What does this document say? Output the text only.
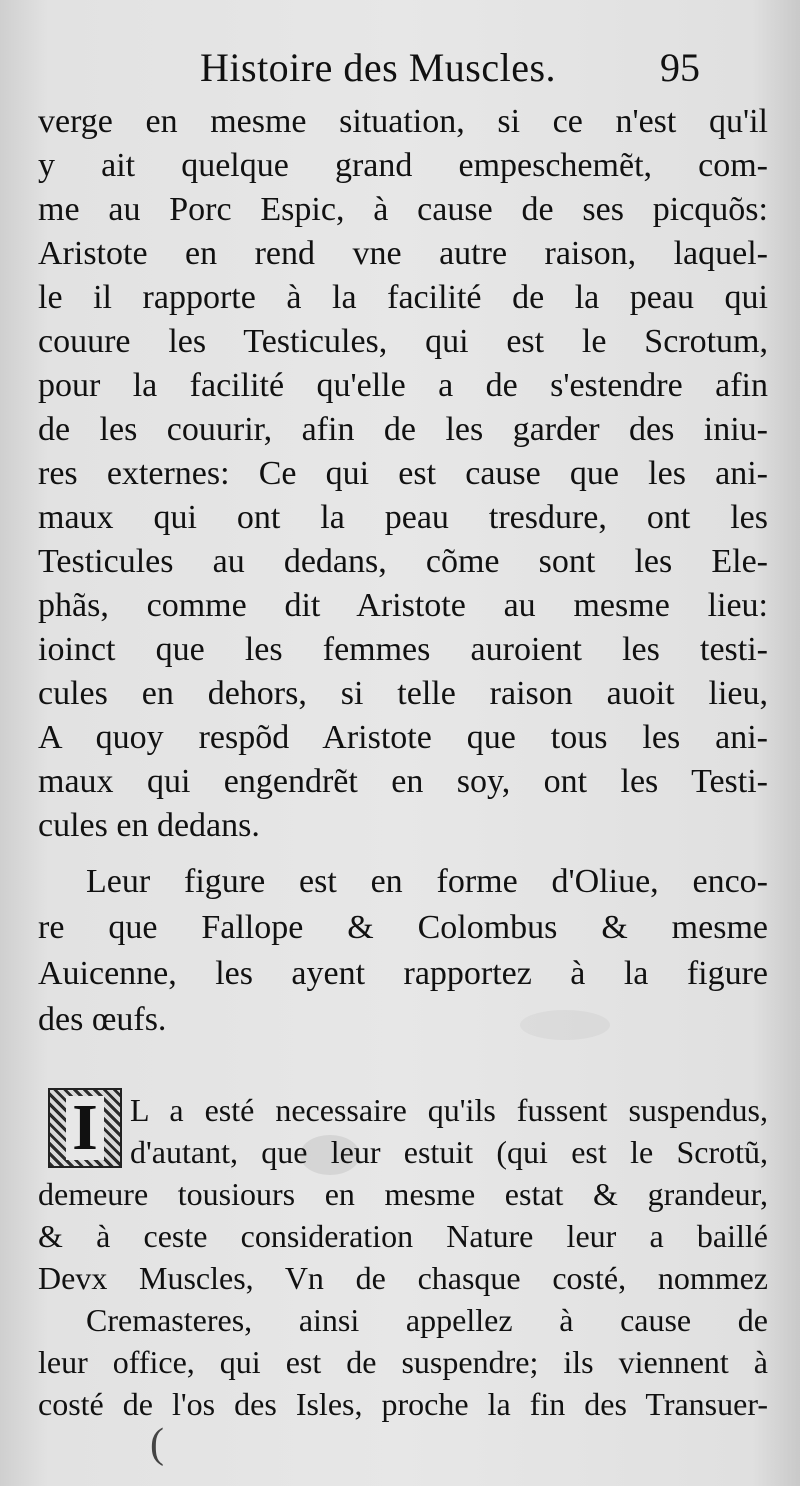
Histoire des Muscles.	95
verge en mesme situation, si ce n'est qu'il
y ait quelque grand empeschemẽt, com-
me au Porc Espic, à cause de ses picquõs:
Aristote en rend vne autre raison, laquel-
le il rapporte à la facilité de la peau qui
couure les Testicules, qui est le Scrotum,
pour la facilité qu'elle a de s'estendre afin
de les couurir, afin de les garder des iniu-
res externes: Ce qui est cause que les ani-
maux qui ont la peau tresdure, ont les
Testicules au dedans, cõme sont les Ele-
phãs, comme dit Aristote au mesme lieu:
ioinct que les femmes auroient les testi-
cules en dehors, si telle raison auoit lieu,
A quoy respõd Aristote que tous les ani-
maux qui engendrẽt en soy, ont les Testi-
cules en dedans.
Leur figure est en forme d'Oliue, enco-
re que Fallope & Colombus & mesme
Auicenne, les ayent rapportez à la figure
des œufs.
I L a esté necessaire qu'ils fussent suspendus,
d'autant, que leur estuit (qui est le Scrotũ,
demeure tousiours en mesme estat & grandeur,
& à ceste consideration Nature leur a baillé
Devx Muscles, Vn de chasque costé, nommez
Cremasteres, ainsi appellez à cause de
leur office, qui est de suspendre; ils viennent à
costé de l'os des Isles, proche la fin des Transuer-
(
